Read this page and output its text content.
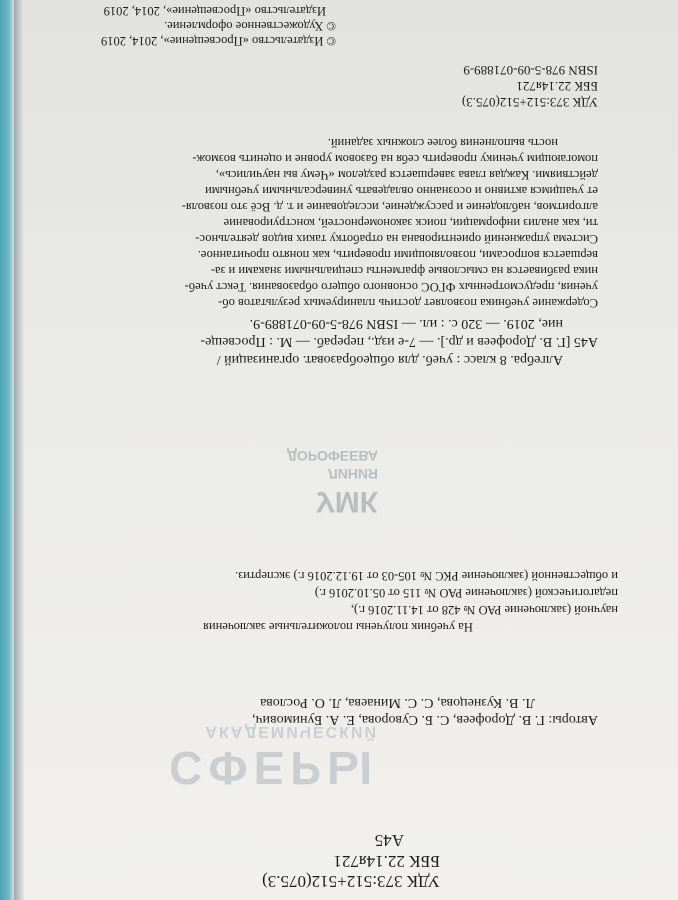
СФЕРЫ
АКАДЕМИЧЕСКИЙ
УМК
ЛИНИЯ
ДОРОФЕЕВА
УДК 373:512+512(075.3)
ББК 22.14я721
А45
Авторы: Г. В. Дорофеев, С. Б. Суворова, Е. А. Бунимович,
Л. В. Кузнецова, С. С. Минаева, Л. О. Рослова
На учебник получены положительные заключения
научной (заключение РАО № 428 от 14.11.2016 г.),
педагогической (заключение РАО № 115 от 05.10.2016 г.)
и общественной (заключение РКС № 105-03 от 19.12.2016 г.) экспертиз.
Алгебра. 8 класс : учеб. для общеобразоват. организаций /
А45 [Г. В. Дорофеев и др.]. — 7-е изд., перераб. — М. : Просвеще-
ние, 2019. — 320 с. : ил. — ISBN 978-5-09-071889-9.
Содержание учебника позволяет достичь планируемых результатов об-
учения, предусмотренных ФГОС основного общего образования. Текст учеб-
ника разбивается на смысловые фрагменты специальными знаками и за-
вершается вопросами, позволяющими проверить, как понято прочитанное.
Система упражнений ориентирована на отработку таких видов деятельнос-
ти, как анализ информации, поиск закономерностей, конструирование
алгоритмов, наблюдение и рассуждение, исследование и т. д. Всё это позволя-
ет учащимся активно и осознанно овладевать универсальными учебными
действиями. Каждая глава завершается разделом «Чему вы научились»,
помогающим ученику проверить себя на базовом уровне и оценить возмож-
ность выполнения более сложных заданий.
УДК 373:512+512(075.3)
ББК 22.14я721
ISBN 978-5-09-071889-9
© Издательство «Просвещение», 2014, 2019
© Художественное оформление.
Издательство «Просвещение», 2014, 2019
